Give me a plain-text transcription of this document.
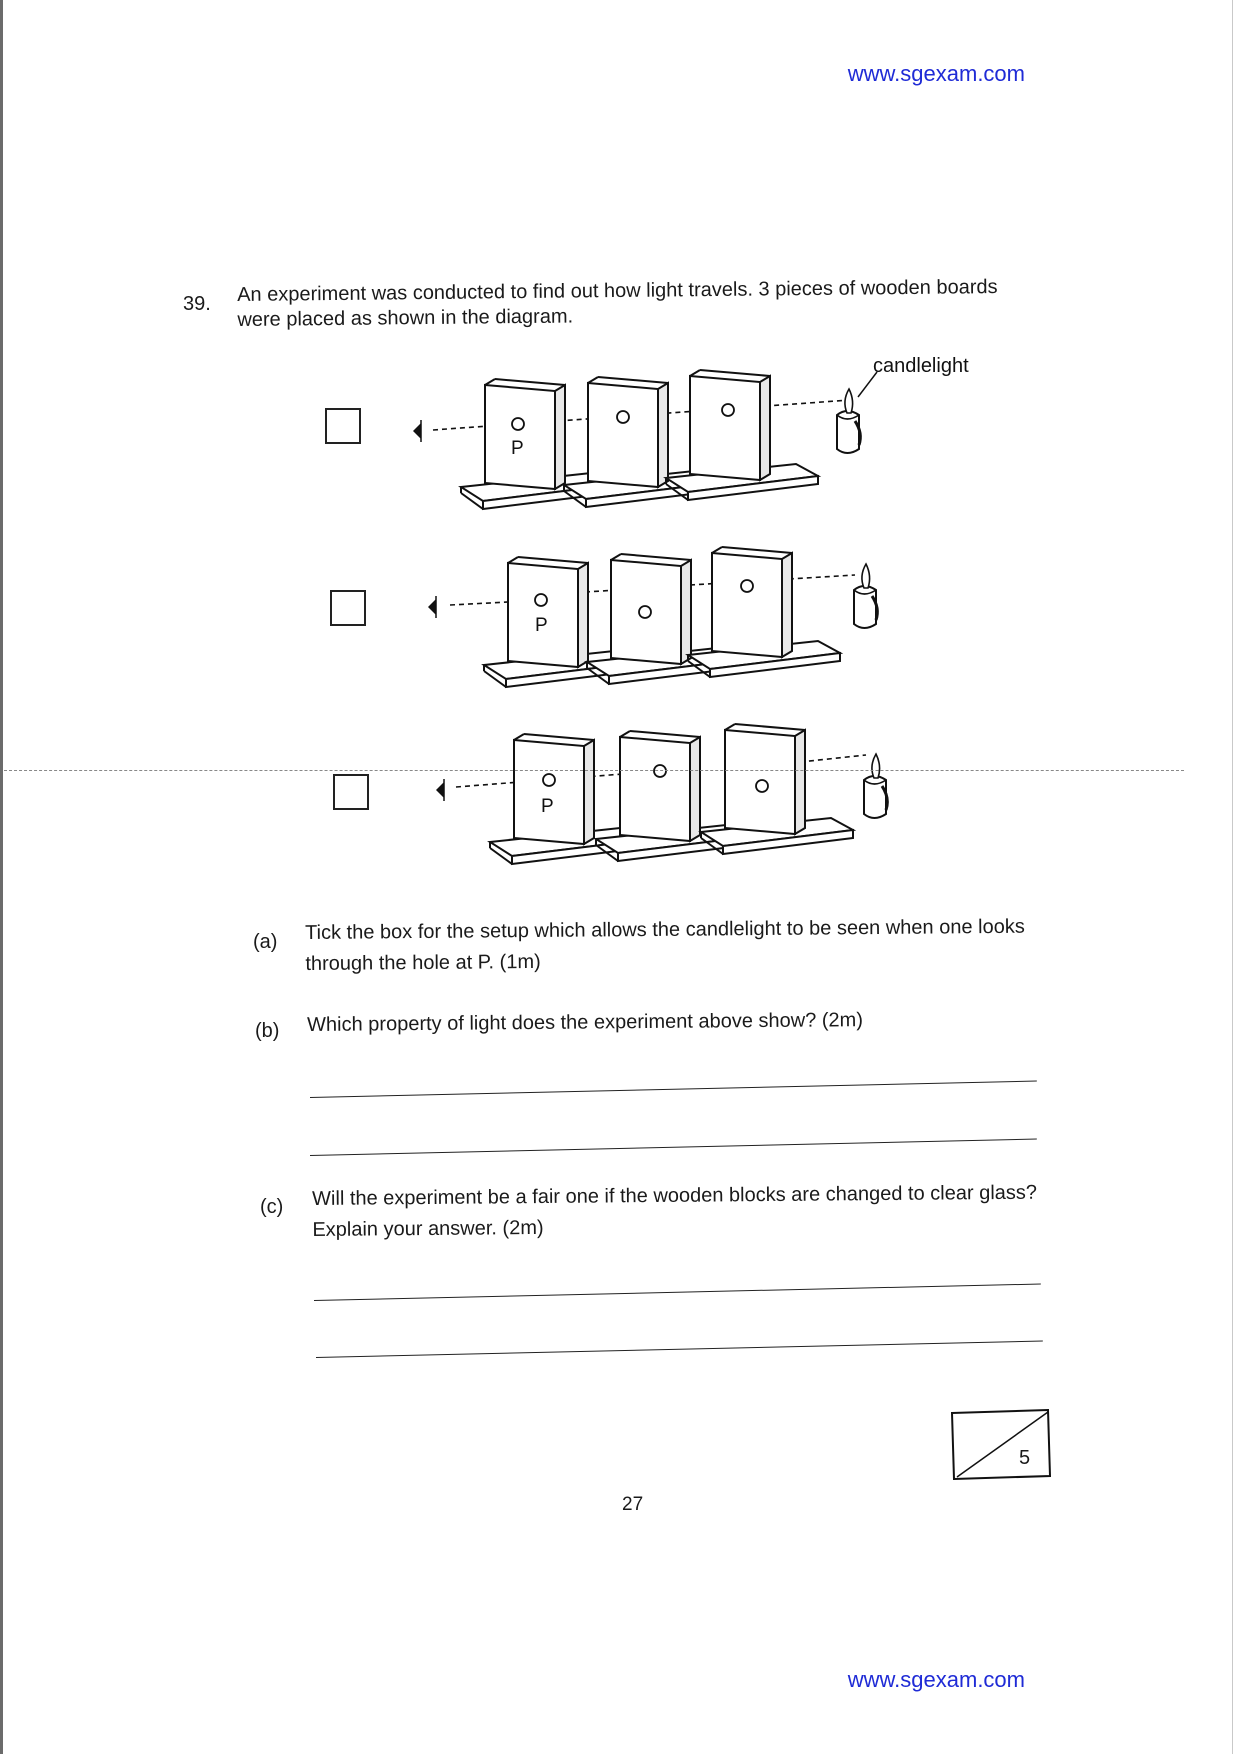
www.sgexam.com
39. An experiment was conducted to find out how light travels. 3 pieces of wooden boards were placed as shown in the diagram.
candlelight
P
P
P
(a) Tick the box for the setup which allows the candlelight to be seen when one looks through the hole at P. (1m)
(b) Which property of light does the experiment above show? (2m)
(c) Will the experiment be a fair one if the wooden blocks are changed to clear glass? Explain your answer. (2m)
5
27
www.sgexam.com
